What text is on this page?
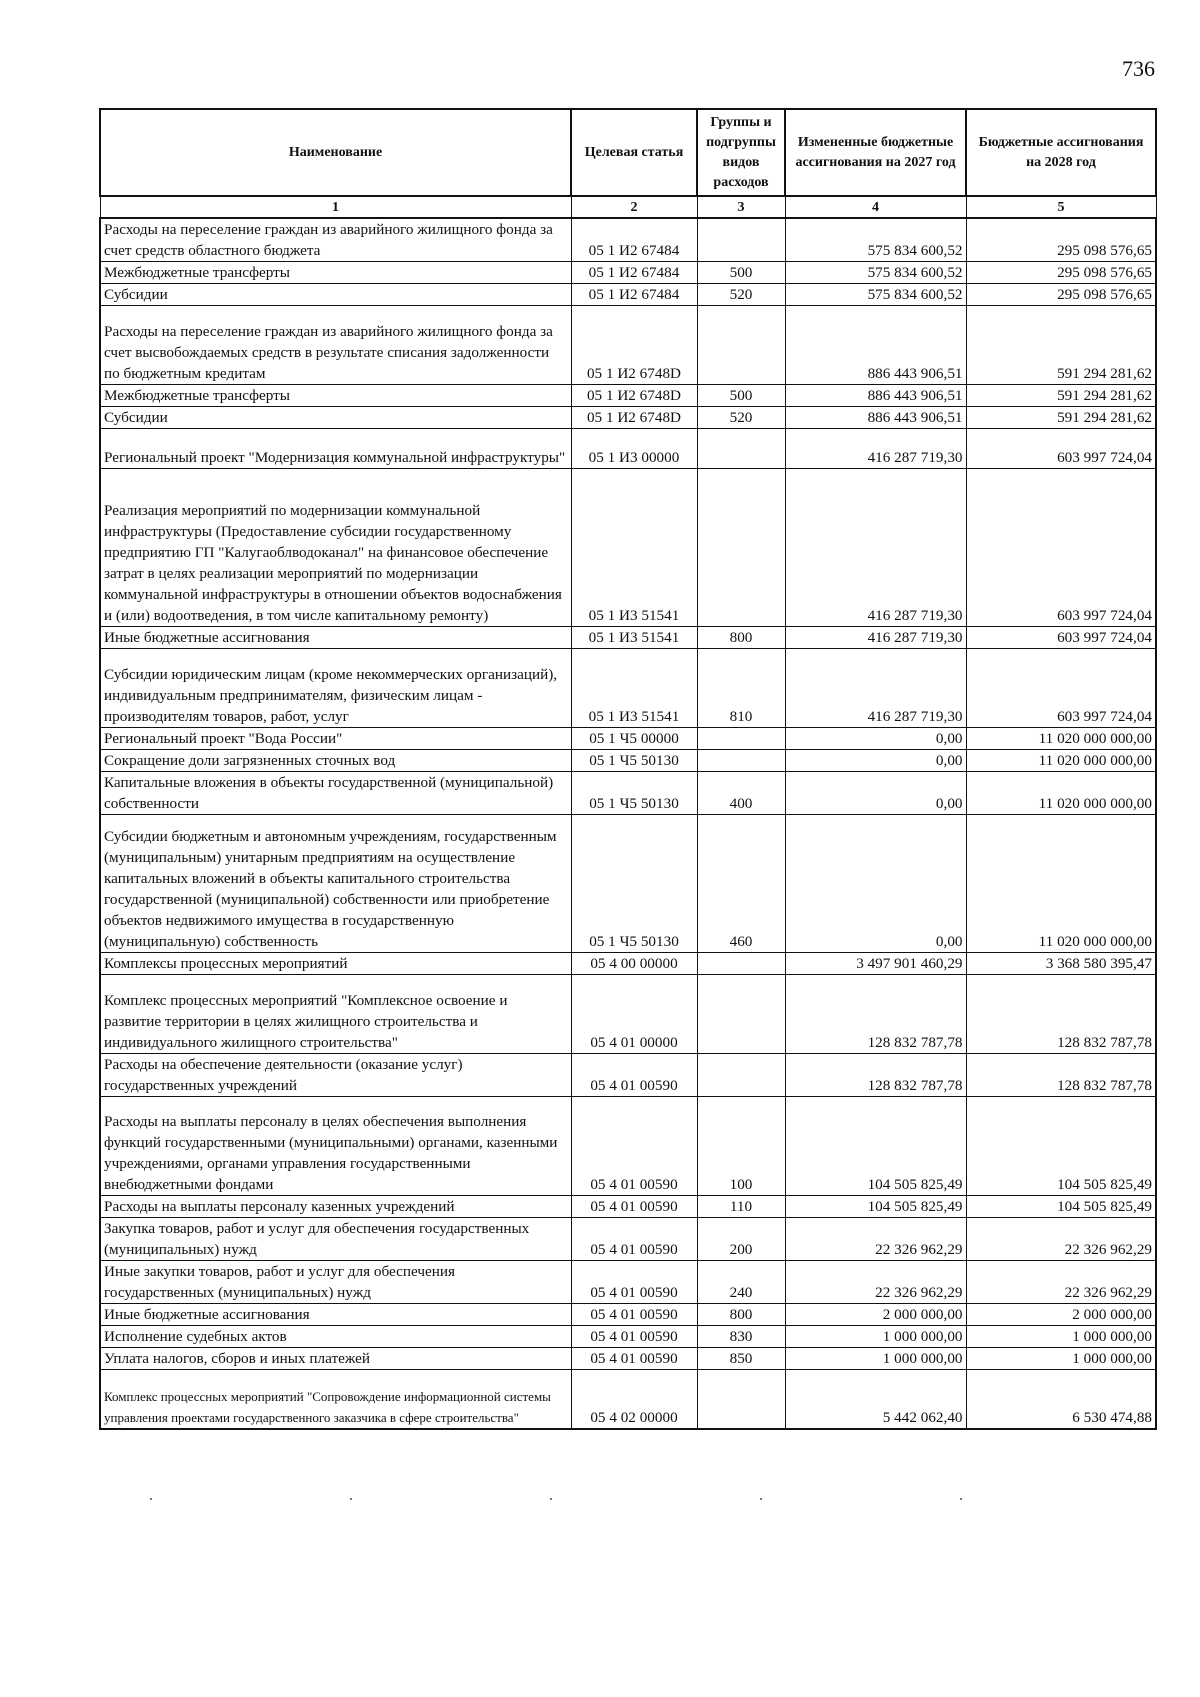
736
Наименование	Целевая статья	Группы и подгруппы видов расходов	Измененные бюджетные ассигнования на 2027 год	Бюджетные ассигнования на 2028 год
1	2	3	4	5
Расходы на переселение граждан из аварийного жилищного фонда за счет средств областного бюджета	05 1 И2 67484		575 834 600,52	295 098 576,65
Межбюджетные трансферты	05 1 И2 67484	500	575 834 600,52	295 098 576,65
Субсидии	05 1 И2 67484	520	575 834 600,52	295 098 576,65
Расходы на переселение граждан из аварийного жилищного фонда за счет высвобождаемых средств в результате списания задолженности по бюджетным кредитам	05 1 И2 6748D		886 443 906,51	591 294 281,62
Межбюджетные трансферты	05 1 И2 6748D	500	886 443 906,51	591 294 281,62
Субсидии	05 1 И2 6748D	520	886 443 906,51	591 294 281,62
Региональный проект "Модернизация коммунальной инфраструктуры"	05 1 И3 00000		416 287 719,30	603 997 724,04
Реализация мероприятий по модернизации коммунальной инфраструктуры (Предоставление субсидии государственному предприятию ГП "Калугаоблводоканал" на финансовое обеспечение затрат в целях реализации мероприятий по модернизации коммунальной инфраструктуры в отношении объектов водоснабжения и (или) водоотведения, в том числе капитальному ремонту)	05 1 И3 51541		416 287 719,30	603 997 724,04
Иные бюджетные ассигнования	05 1 И3 51541	800	416 287 719,30	603 997 724,04
Субсидии юридическим лицам (кроме некоммерческих организаций), индивидуальным предпринимателям, физическим лицам - производителям товаров, работ, услуг	05 1 И3 51541	810	416 287 719,30	603 997 724,04
Региональный проект "Вода России"	05 1 Ч5 00000		0,00	11 020 000 000,00
Сокращение доли загрязненных сточных вод	05 1 Ч5 50130		0,00	11 020 000 000,00
Капитальные вложения в объекты государственной (муниципальной) собственности	05 1 Ч5 50130	400	0,00	11 020 000 000,00
Субсидии бюджетным и автономным учреждениям, государственным (муниципальным) унитарным предприятиям на осуществление капитальных вложений в объекты капитального строительства государственной (муниципальной) собственности или приобретение объектов недвижимого имущества в государственную (муниципальную) собственность	05 1 Ч5 50130	460	0,00	11 020 000 000,00
Комплексы процессных мероприятий	05 4 00 00000		3 497 901 460,29	3 368 580 395,47
Комплекс процессных мероприятий "Комплексное освоение и развитие территории в целях жилищного строительства и индивидуального жилищного строительства"	05 4 01 00000		128 832 787,78	128 832 787,78
Расходы на обеспечение деятельности (оказание услуг) государственных учреждений	05 4 01 00590		128 832 787,78	128 832 787,78
Расходы на выплаты персоналу в целях обеспечения выполнения функций государственными (муниципальными) органами, казенными учреждениями, органами управления государственными внебюджетными фондами	05 4 01 00590	100	104 505 825,49	104 505 825,49
Расходы на выплаты персоналу казенных учреждений	05 4 01 00590	110	104 505 825,49	104 505 825,49
Закупка товаров, работ и услуг для обеспечения государственных (муниципальных) нужд	05 4 01 00590	200	22 326 962,29	22 326 962,29
Иные закупки товаров, работ и услуг для обеспечения государственных (муниципальных) нужд	05 4 01 00590	240	22 326 962,29	22 326 962,29
Иные бюджетные ассигнования	05 4 01 00590	800	2 000 000,00	2 000 000,00
Исполнение судебных актов	05 4 01 00590	830	1 000 000,00	1 000 000,00
Уплата налогов, сборов и иных платежей	05 4 01 00590	850	1 000 000,00	1 000 000,00
Комплекс процессных мероприятий "Сопровождение информационной системы управления проектами государственного заказчика в сфере строительства"	05 4 02 00000		5 442 062,40	6 530 474,88
